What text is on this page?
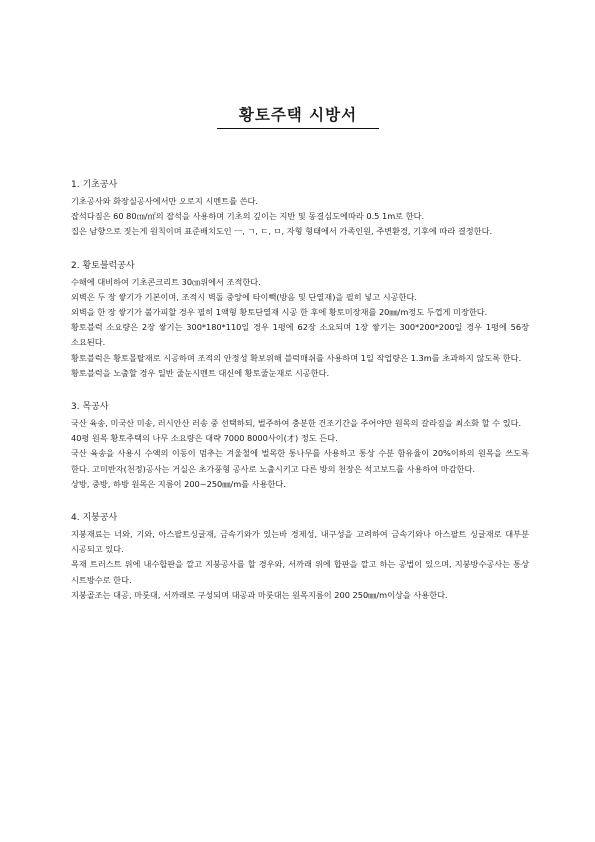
황토주택 시방서
1. 기초공사
기초공사와 화장실공사에서만 오로지 시멘트를 쓴다.
잡석다짐은 60 80㎝/㎡의 잡석을 사용하며 기초의 깊이는 지반 및 동결심도에따라 0.5 1m로 한다.
집은 남향으로 짓는게 원칙이며 표준배치도인 ㅡ, ㄱ, ㄷ, ㅁ, 자형 형태에서 가족인원, 주변환경, 기후에 따라 결정한다.
2. 황토블럭공사
수해에 대비하여 기초콘크리트 30㎝위에서 조적한다.
외벽은 두 장 쌓기가 기본이며, 조적시 벽돌 중앙에 타이빽(방음 및 단열재)을 필히 넣고 시공한다.
외벽을 한 장 쌓기가 불가피할 경우 필히 1액형 황토단열재 시공 한 후에 황토미장재를 20㎜/m정도 두껍게 미장한다.
황토블럭 소요량은 2장 쌓기는 300*180*110일 경우 1평에 62장 소요되며 1장 쌓기는 300*200*200일 경우 1평에 56장 소요된다.
황토블럭은 황토몰탈재로 시공하며 조적의 안정성 확보위해 블럭매쉬를 사용하며 1일 작업량은 1.3m를 초과하지 않도록 한다.
황토블럭을 노출할 경우 일반 줄눈시멘트 대신에 황토줄눈재로 시공한다.
3. 목공사
국산 육송, 미국산 미송, 러시안산 러송 중 선택하되, 벌주하여 충분한 건조기간을 주어야만 원목의 갈라짐을 최소화 할 수 있다.
40평 원목 황토주택의 나무 소요량은 대략 7000 8000사이(才) 정도 든다.
국산 육송을 사용시 수액의 이동이 멈추는 겨울철에 벌목한 통나무를 사용하고 통상 수분 함유율이 20%이하의 원목을 쓰도록 한다. 고미반자(천정)공사는 거실은 초가풍형 공사로 노출시키고 다른 방의 천장은 석고보드를 사용하여 마감한다.
상방, 중방, 하방 원목은 지름이 200~250㎜/m를 사용한다.
4. 지붕공사
지붕재료는 너와, 기와, 아스팔트싱글재, 금속기와가 있는바 경제성, 내구성을 고려하여 금속기와나 아스팔트 싱글재로 대부분 시공되고 있다.
목재 트러스트 위에 내수합판을 깔고 지붕공사를 할 경우와, 서까래 위에 합판을 깔고 하는 공법이 있으며, 지붕방수공사는 통상 시트방수로 한다.
지붕골조는 대공, 마룻대, 서까래로 구성되며 대공과 마룻대는 원목지름이 200 250㎜/m이상을 사용한다.
